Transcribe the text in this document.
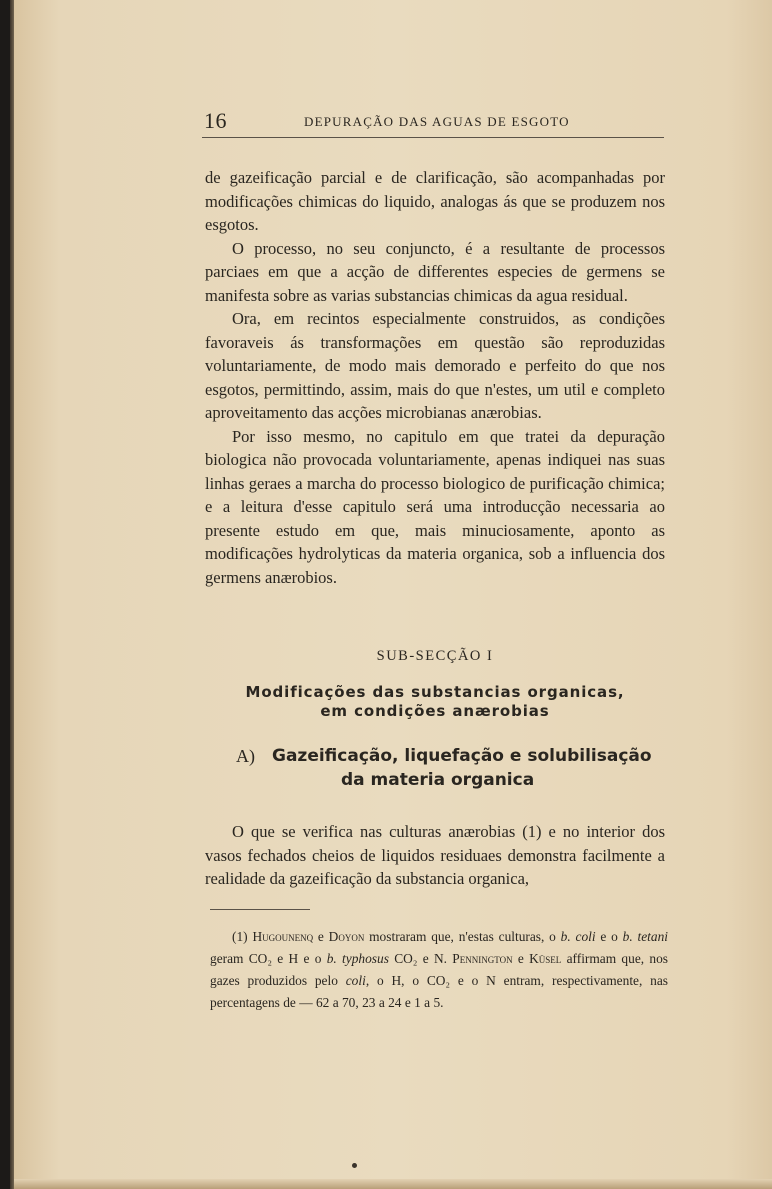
16	DEPURAÇÃO DAS AGUAS DE ESGOTO

de gazeificação parcial e de clarificação, são acompanhadas por modificações chimicas do liquido, analogas ás que se produzem nos esgotos.

O processo, no seu conjuncto, é a resultante de processos parciaes em que a acção de differentes especies de germens se manifesta sobre as varias substancias chimicas da agua residual.

Ora, em recintos especialmente construidos, as condições favoraveis ás transformações em questão são reproduzidas voluntariamente, de modo mais demorado e perfeito do que nos esgotos, permittindo, assim, mais do que n'estes, um util e completo aproveitamento das acções microbianas anærobias.

Por isso mesmo, no capitulo em que tratei da depuração biologica não provocada voluntariamente, apenas indiquei nas suas linhas geraes a marcha do processo biologico de purificação chimica; e a leitura d'esse capitulo será uma introducção necessaria ao presente estudo em que, mais minuciosamente, aponto as modificações hydrolyticas da materia organica, sob a influencia dos germens anærobios.

SUB-SECÇÃO I
Modificações das substancias organicas,
em condições anærobias
A) Gazeificação, liquefação e solubilisação
da materia organica

O que se verifica nas culturas anærobias (1) e no interior dos vasos fechados cheios de liquidos residuaes demonstra facilmente a realidade da gazeificação da substancia organica,

(1) Hugounenq e Doyon mostraram que, n'estas culturas, o b. coli e o b. tetani geram CO₂ e H e o b. typhosus CO₂ e N. Pennington e Küsel affirmam que, nos gazes produzidos pelo coli, o H, o CO₂ e o N entram, respectivamente, nas percentagens de — 62 a 70, 23 a 24 e 1 a 5.
